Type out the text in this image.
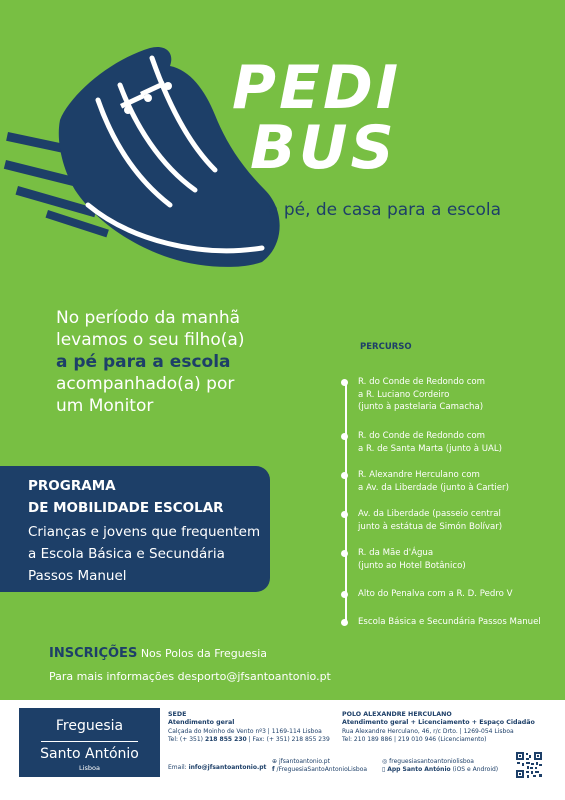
PEDI
BUS
a pé, de casa para a escola
No período da manhã
levamos o seu filho(a)
a pé para a escola
acompanhado(a) por
um Monitor
PROGRAMA
DE MOBILIDADE ESCOLAR
Crianças e jovens que frequentem
a Escola Básica e Secundária
Passos Manuel
PERCURSO
R. do Conde de Redondo com
a R. Luciano Cordeiro
(junto à pastelaria Camacha)
R. do Conde de Redondo com
a R. de Santa Marta (junto à UAL)
R. Alexandre Herculano com
a Av. da Liberdade (junto à Cartier)
Av. da Liberdade (passeio central
junto à estátua de Simón Bolívar)
R. da Mãe d'Água
(junto ao Hotel Botânico)
Alto do Penalva com a R. D. Pedro V
Escola Básica e Secundária Passos Manuel
INSCRIÇÕES Nos Polos da Freguesia
Para mais informações desporto@jfsantoantonio.pt
Freguesia
Santo António
Lisboa
SEDE
Atendimento geral
Calçada do Moinho de Vento nº3 | 1169-114 Lisboa
Tel: (+ 351) 218 855 230 | Fax: (+ 351) 218 855 239
POLO ALEXANDRE HERCULANO
Atendimento geral + Licenciamento + Espaço Cidadão
Rua Alexandre Herculano, 46, r/c Drto. | 1269-054 Lisboa
Tel: 210 189 886 | 219 010 946 (Licenciamento)
Email: info@jfsantoantonio.pt
⊕ jfsantoantonio.pt
f /FreguesiaSantoAntonioLisboa
◎ freguesiasantoantoniolisboa
▯ App Santo António (iOS e Android)
